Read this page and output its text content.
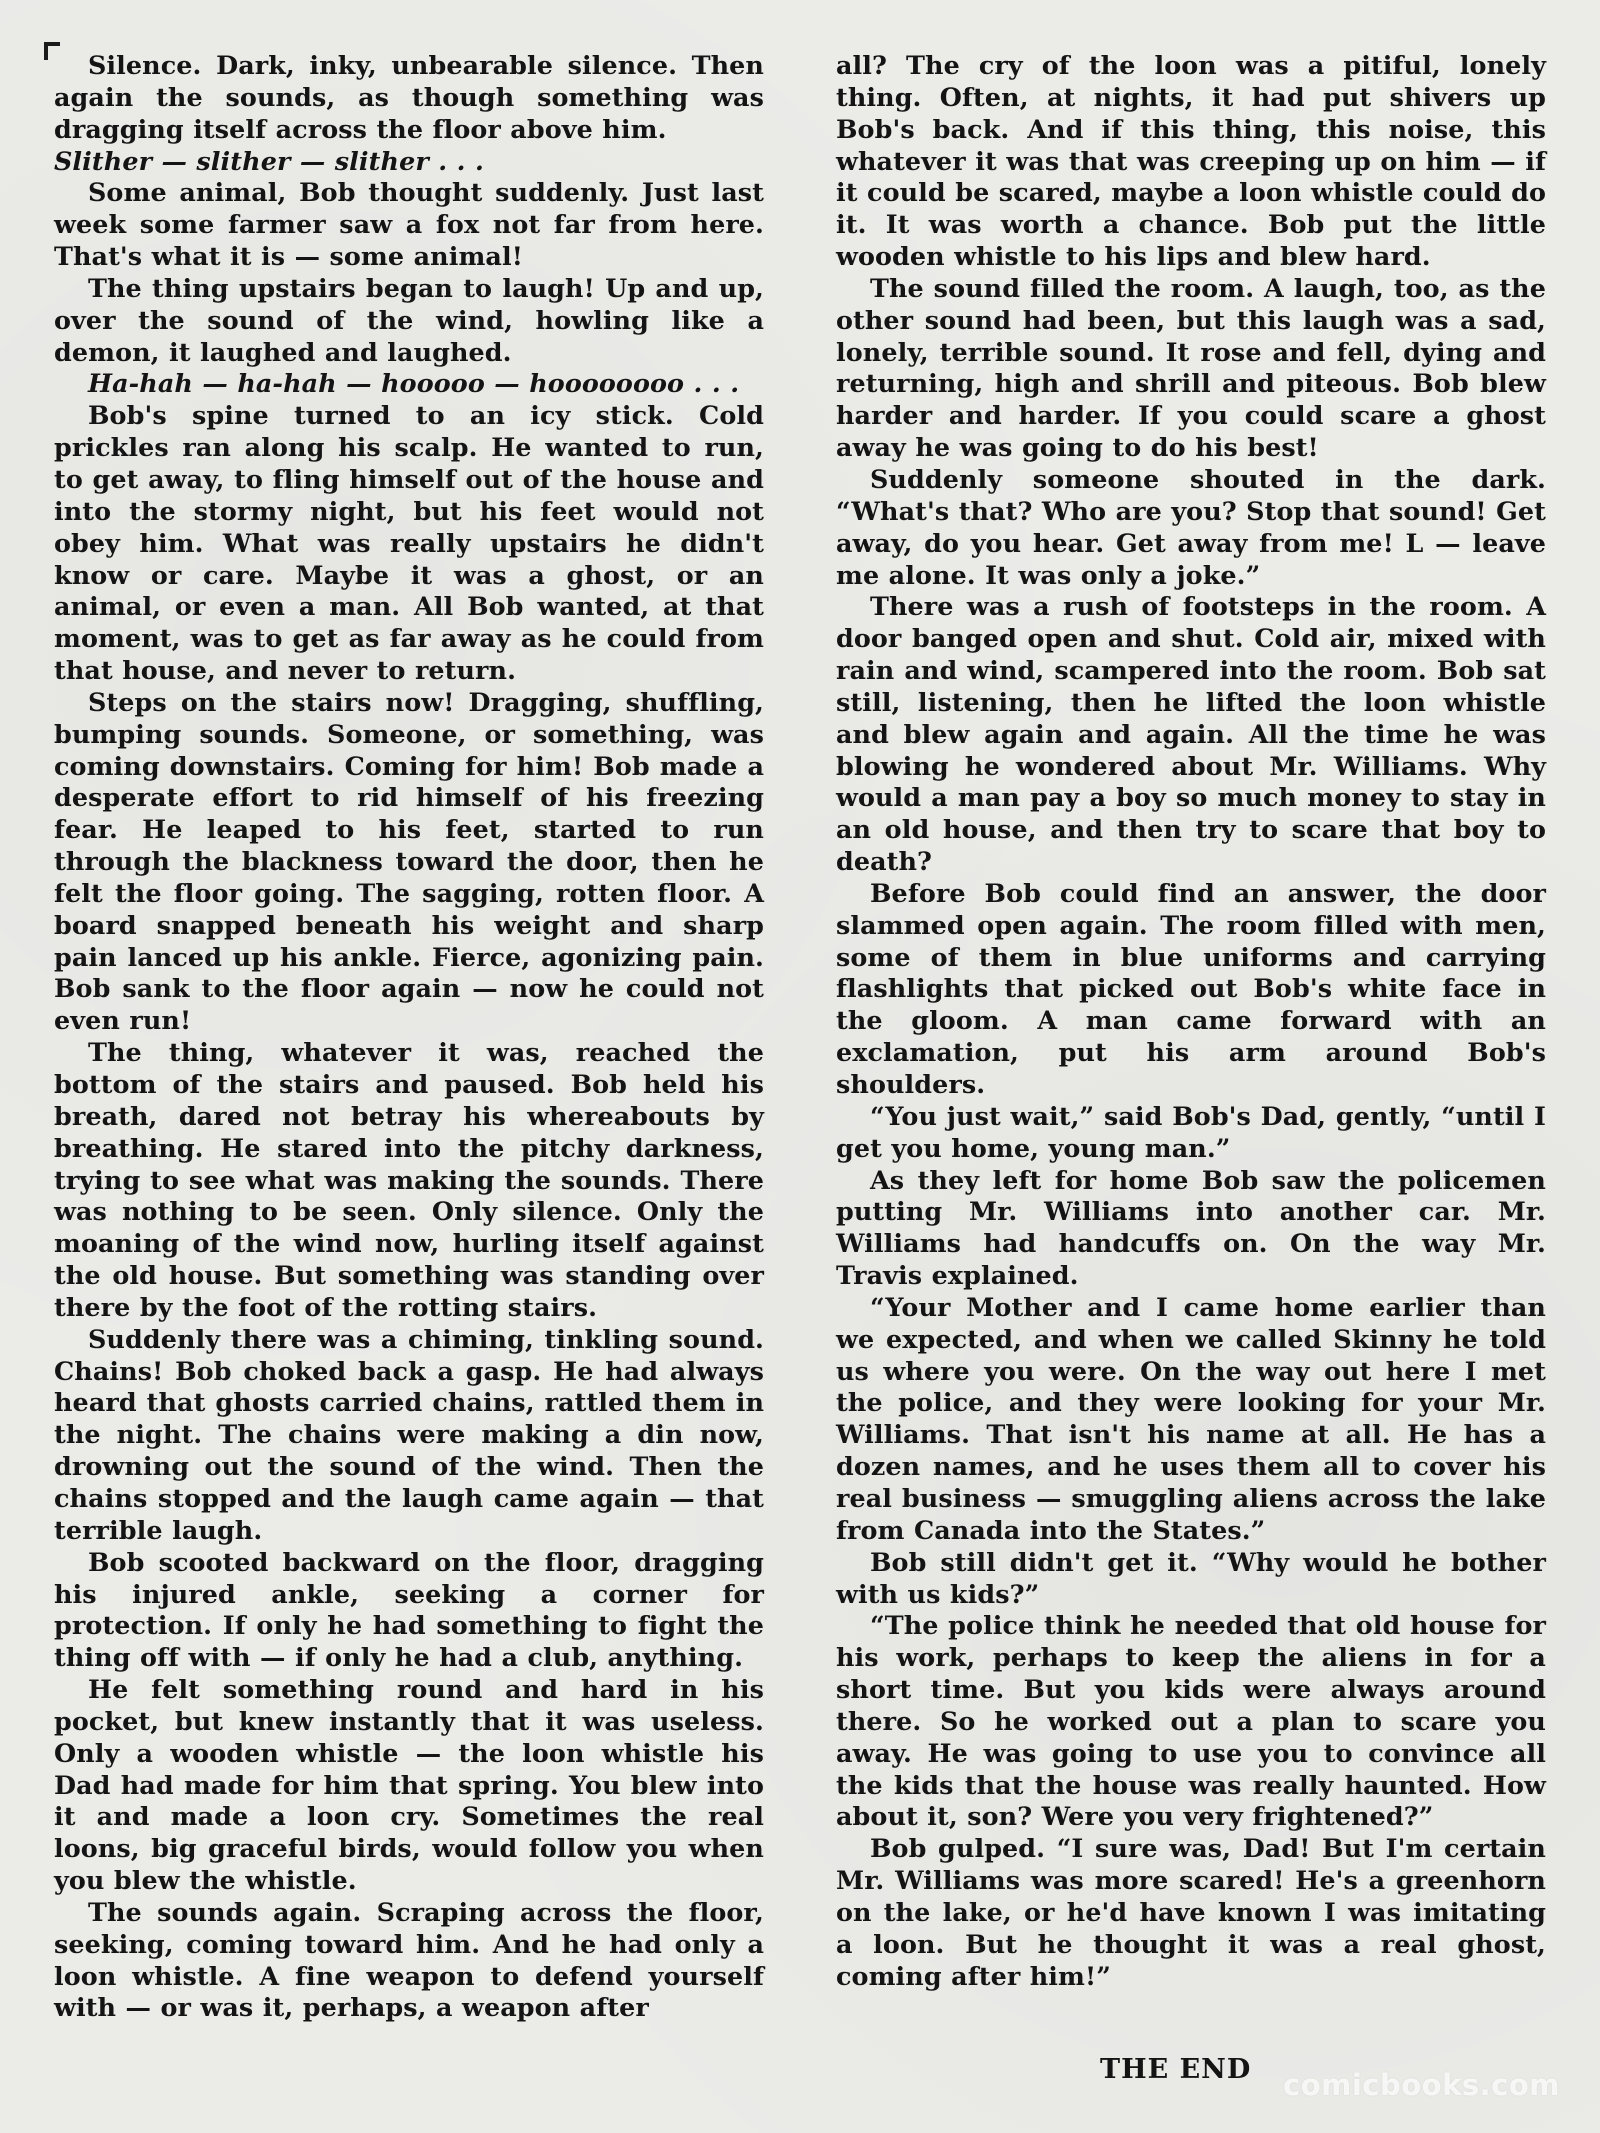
Silence. Dark, inky, unbearable silence. Then again the sounds, as though something was dragging itself across the floor above him.

Slither — slither — slither . . .

Some animal, Bob thought suddenly. Just last week some farmer saw a fox not far from here. That's what it is — some animal!

The thing upstairs began to laugh! Up and up, over the sound of the wind, howling like a demon, it laughed and laughed.

Ha-hah — ha-hah — hooooo — hoooooooo . . .

Bob's spine turned to an icy stick. Cold prickles ran along his scalp. He wanted to run, to get away, to fling himself out of the house and into the stormy night, but his feet would not obey him. What was really upstairs he didn't know or care. Maybe it was a ghost, or an animal, or even a man. All Bob wanted, at that moment, was to get as far away as he could from that house, and never to return.

Steps on the stairs now! Dragging, shuffling, bumping sounds. Someone, or something, was coming downstairs. Coming for him! Bob made a desperate effort to rid himself of his freezing fear. He leaped to his feet, started to run through the blackness toward the door, then he felt the floor going. The sagging, rotten floor. A board snapped beneath his weight and sharp pain lanced up his ankle. Fierce, agonizing pain. Bob sank to the floor again — now he could not even run!

The thing, whatever it was, reached the bottom of the stairs and paused. Bob held his breath, dared not betray his whereabouts by breathing. He stared into the pitchy darkness, trying to see what was making the sounds. There was nothing to be seen. Only silence. Only the moaning of the wind now, hurling itself against the old house. But something was standing over there by the foot of the rotting stairs.

Suddenly there was a chiming, tinkling sound. Chains! Bob choked back a gasp. He had always heard that ghosts carried chains, rattled them in the night. The chains were making a din now, drowning out the sound of the wind. Then the chains stopped and the laugh came again — that terrible laugh.

Bob scooted backward on the floor, dragging his injured ankle, seeking a corner for protection. If only he had something to fight the thing off with — if only he had a club, anything.

He felt something round and hard in his pocket, but knew instantly that it was useless. Only a wooden whistle — the loon whistle his Dad had made for him that spring. You blew into it and made a loon cry. Sometimes the real loons, big graceful birds, would follow you when you blew the whistle.

The sounds again. Scraping across the floor, seeking, coming toward him. And he had only a loon whistle. A fine weapon to defend yourself with — or was it, perhaps, a weapon after

all? The cry of the loon was a pitiful, lonely thing. Often, at nights, it had put shivers up Bob's back. And if this thing, this noise, this whatever it was that was creeping up on him — if it could be scared, maybe a loon whistle could do it. It was worth a chance. Bob put the little wooden whistle to his lips and blew hard.

The sound filled the room. A laugh, too, as the other sound had been, but this laugh was a sad, lonely, terrible sound. It rose and fell, dying and returning, high and shrill and piteous. Bob blew harder and harder. If you could scare a ghost away he was going to do his best!

Suddenly someone shouted in the dark. “What's that? Who are you? Stop that sound! Get away, do you hear. Get away from me! L — leave me alone. It was only a joke.”

There was a rush of footsteps in the room. A door banged open and shut. Cold air, mixed with rain and wind, scampered into the room. Bob sat still, listening, then he lifted the loon whistle and blew again and again. All the time he was blowing he wondered about Mr. Williams. Why would a man pay a boy so much money to stay in an old house, and then try to scare that boy to death?

Before Bob could find an answer, the door slammed open again. The room filled with men, some of them in blue uniforms and carrying flashlights that picked out Bob's white face in the gloom. A man came forward with an exclamation, put his arm around Bob's shoulders.

“You just wait,” said Bob's Dad, gently, “until I get you home, young man.”

As they left for home Bob saw the policemen putting Mr. Williams into another car. Mr. Williams had handcuffs on. On the way Mr. Travis explained.

“Your Mother and I came home earlier than we expected, and when we called Skinny he told us where you were. On the way out here I met the police, and they were looking for your Mr. Williams. That isn't his name at all. He has a dozen names, and he uses them all to cover his real business — smuggling aliens across the lake from Canada into the States.”

Bob still didn't get it. “Why would he bother with us kids?”

“The police think he needed that old house for his work, perhaps to keep the aliens in for a short time. But you kids were always around there. So he worked out a plan to scare you away. He was going to use you to convince all the kids that the house was really haunted. How about it, son? Were you very frightened?”

Bob gulped. “I sure was, Dad! But I'm certain Mr. Williams was more scared! He's a greenhorn on the lake, or he'd have known I was imitating a loon. But he thought it was a real ghost, coming after him!”

THE END comicbooks.com
